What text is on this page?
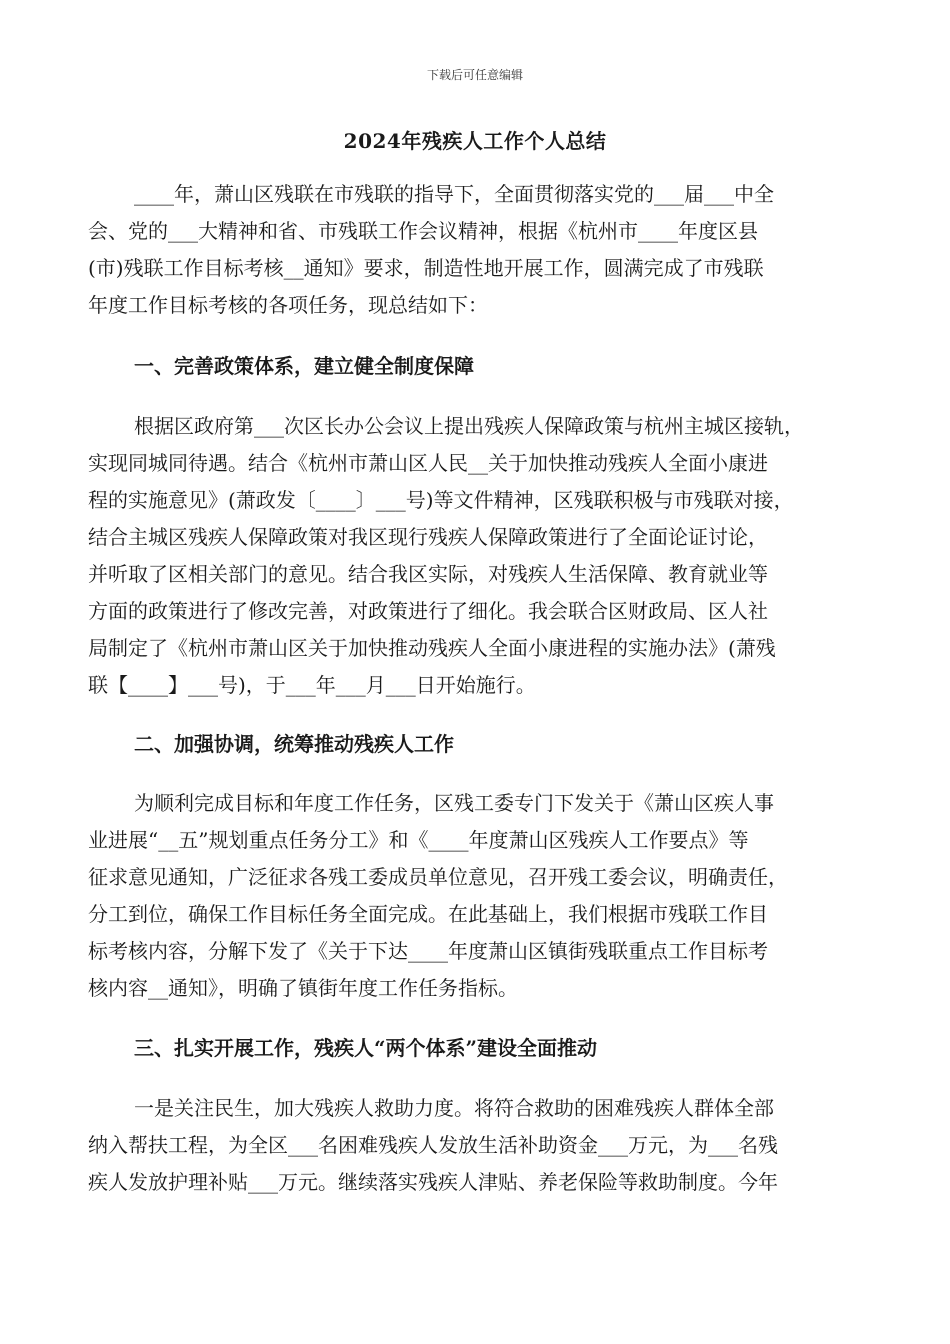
下载后可任意编辑
2024年残疾人工作个人总结
____年，萧山区残联在市残联的指导下，全面贯彻落实党的___届___中全
会、党的___大精神和省、市残联工作会议精神，根据《杭州市____年度区县
(市)残联工作目标考核__通知》要求，制造性地开展工作，圆满完成了市残联
年度工作目标考核的各项任务，现总结如下：
一、完善政策体系，建立健全制度保障
根据区政府第___次区长办公会议上提出残疾人保障政策与杭州主城区接轨，
实现同城同待遇。结合《杭州市萧山区人民__关于加快推动残疾人全面小康进
程的实施意见》(萧政发〔____〕___号)等文件精神，区残联积极与市残联对接，
结合主城区残疾人保障政策对我区现行残疾人保障政策进行了全面论证讨论，
并听取了区相关部门的意见。结合我区实际，对残疾人生活保障、教育就业等
方面的政策进行了修改完善，对政策进行了细化。我会联合区财政局、区人社
局制定了《杭州市萧山区关于加快推动残疾人全面小康进程的实施办法》(萧残
联【____】___号)，于___年___月___日开始施行。
二、加强协调，统筹推动残疾人工作
为顺利完成目标和年度工作任务，区残工委专门下发关于《萧山区疾人事
业进展“__五”规划重点任务分工》和《____年度萧山区残疾人工作要点》等
征求意见通知，广泛征求各残工委成员单位意见，召开残工委会议，明确责任，
分工到位，确保工作目标任务全面完成。在此基础上，我们根据市残联工作目
标考核内容，分解下发了《关于下达____年度萧山区镇街残联重点工作目标考
核内容__通知》，明确了镇街年度工作任务指标。
三、扎实开展工作，残疾人“两个体系”建设全面推动
一是关注民生，加大残疾人救助力度。将符合救助的困难残疾人群体全部
纳入帮扶工程，为全区___名困难残疾人发放生活补助资金___万元，为___名残
疾人发放护理补贴___万元。继续落实残疾人津贴、养老保险等救助制度。今年
